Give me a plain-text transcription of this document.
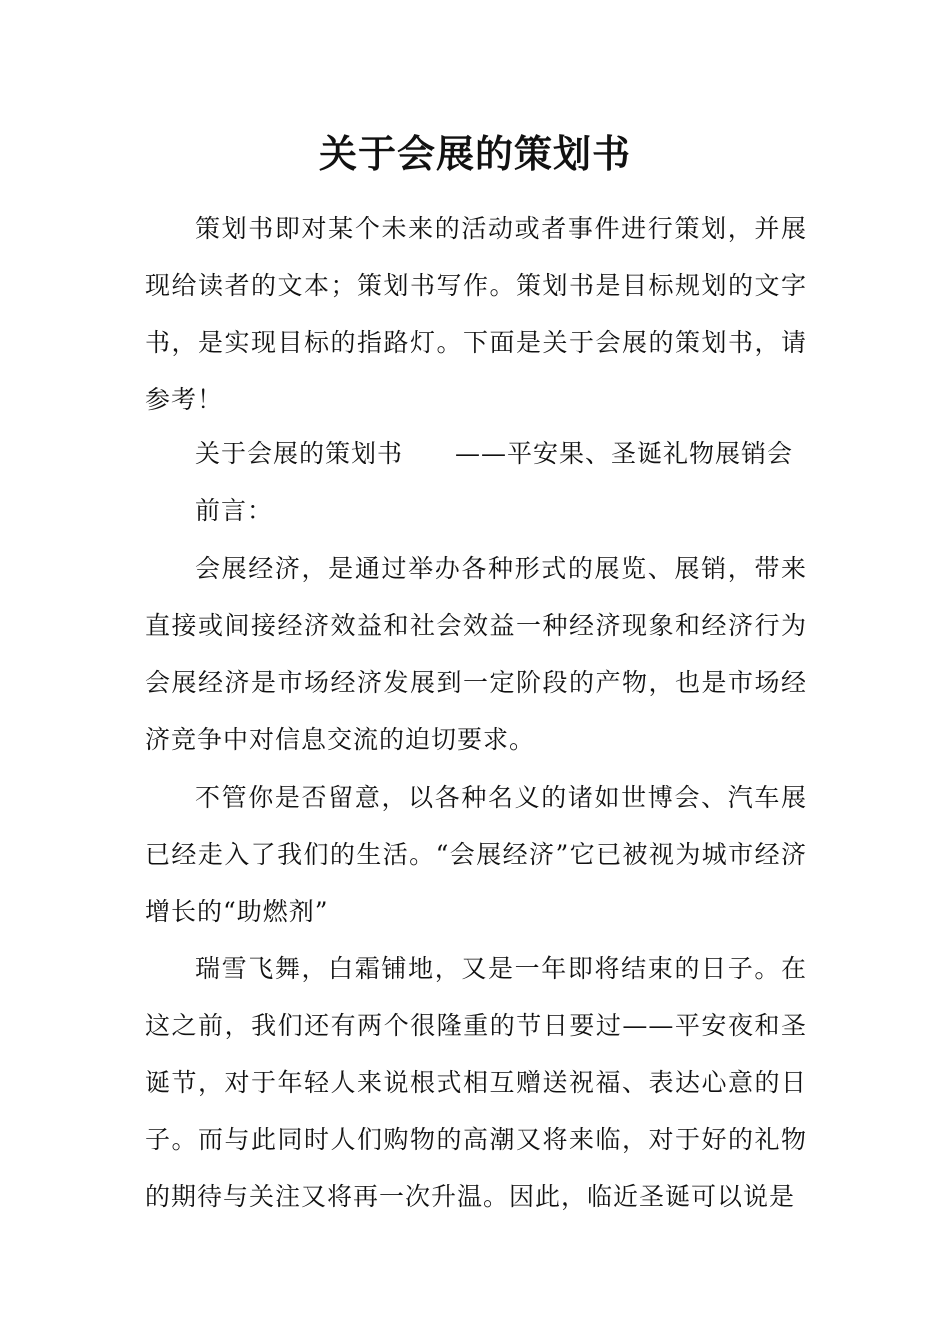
关于会展的策划书
策划书即对某个未来的活动或者事件进行策划，并展现给读者的文本；策划书写作。策划书是目标规划的文字书，是实现目标的指路灯。下面是关于会展的策划书，请参考！
关于会展的策划书 ——平安果、圣诞礼物展销会
前言：
会展经济，是通过举办各种形式的展览、展销，带来直接或间接经济效益和社会效益一种经济现象和经济行为会展经济是市场经济发展到一定阶段的产物，也是市场经济竞争中对信息交流的迫切要求。
不管你是否留意，以各种名义的诸如世博会、汽车展已经走入了我们的生活。“会展经济”它已被视为城市经济增长的“助燃剂”
瑞雪飞舞，白霜铺地，又是一年即将结束的日子。在这之前，我们还有两个很隆重的节日要过——平安夜和圣诞节，对于年轻人来说根式相互赠送祝福、表达心意的日子。而与此同时人们购物的高潮又将来临，对于好的礼物的期待与关注又将再一次升温。因此，临近圣诞可以说是
